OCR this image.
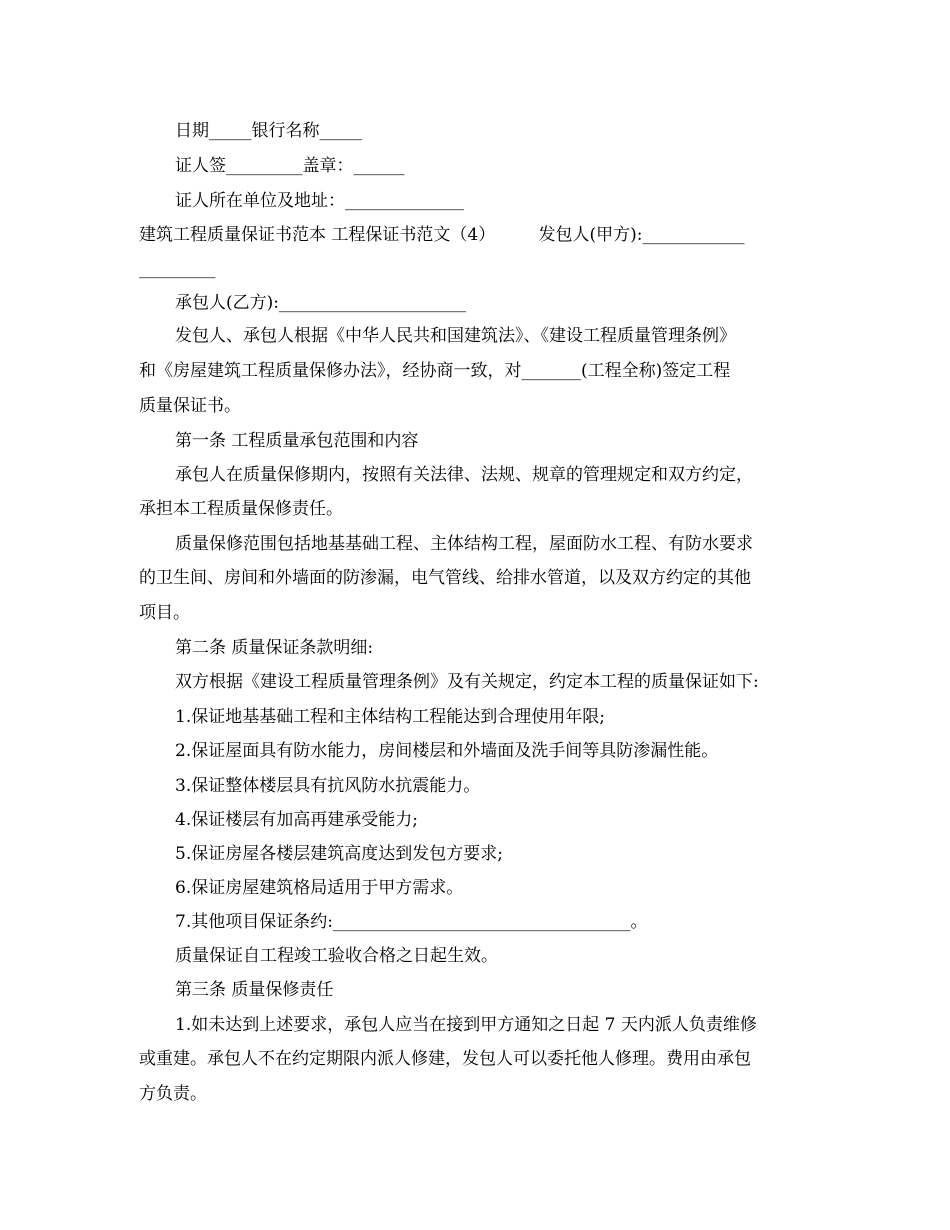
日期_____银行名称_____
证人签_________盖章：______
证人所在单位及地址：______________
建筑工程质量保证书范本 工程保证书范文（4）        发包人(甲方):____________
_________
承包人(乙方):______________________
发包人、承包人根据《中华人民共和国建筑法》、《建设工程质量管理条例》
和《房屋建筑工程质量保修办法》，经协商一致，对_______(工程全称)签定工程
质量保证书。
第一条 工程质量承包范围和内容
承包人在质量保修期内，按照有关法律、法规、规章的管理规定和双方约定，
承担本工程质量保修责任。
质量保修范围包括地基基础工程、主体结构工程，屋面防水工程、有防水要求
的卫生间、房间和外墙面的防渗漏，电气管线、给排水管道，以及双方约定的其他
项目。
第二条 质量保证条款明细:
双方根据《建设工程质量管理条例》及有关规定，约定本工程的质量保证如下:
1.保证地基基础工程和主体结构工程能达到合理使用年限;
2.保证屋面具有防水能力，房间楼层和外墙面及洗手间等具防渗漏性能。
3.保证整体楼层具有抗风防水抗震能力。
4.保证楼层有加高再建承受能力;
5.保证房屋各楼层建筑高度达到发包方要求;
6.保证房屋建筑格局适用于甲方需求。
7.其他项目保证条约:___________________________________。
质量保证自工程竣工验收合格之日起生效。
第三条 质量保修责任
1.如未达到上述要求，承包人应当在接到甲方通知之日起 7 天内派人负责维修
或重建。承包人不在约定期限内派人修建，发包人可以委托他人修理。费用由承包
方负责。
